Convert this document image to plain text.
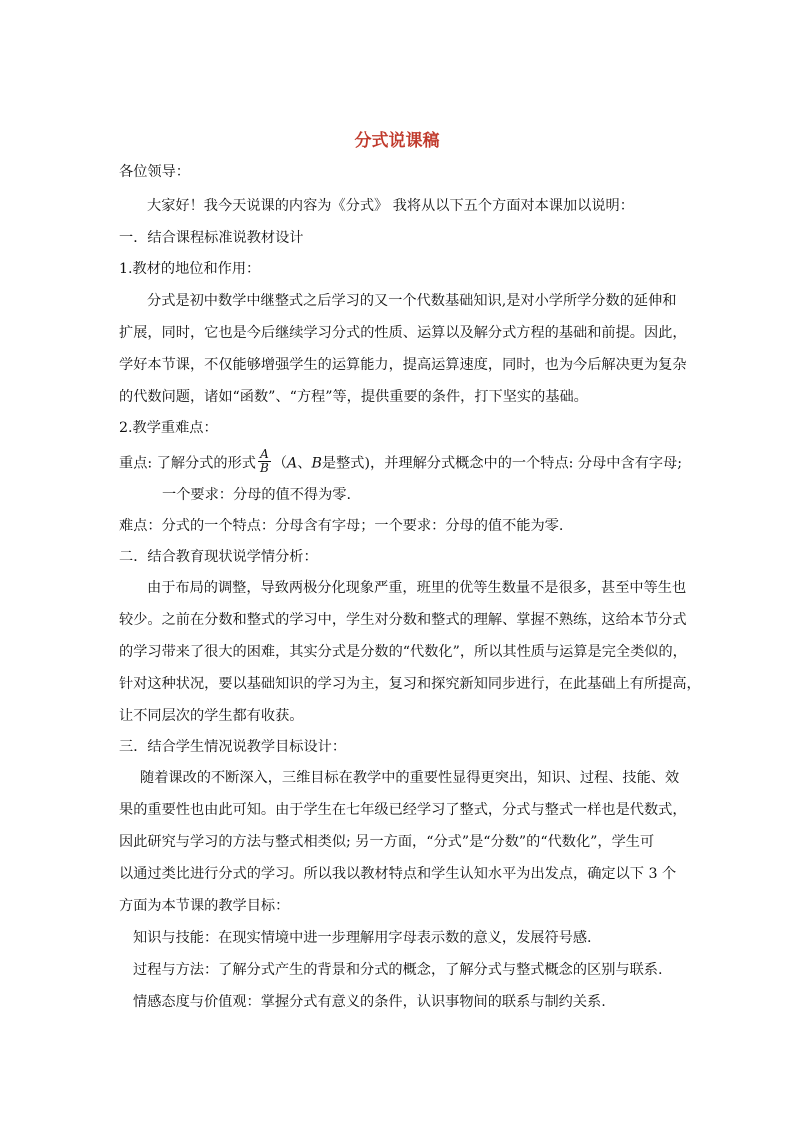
分式说课稿
各位领导：
大家好！我今天说课的内容为《分式》 我将从以下五个方面对本课加以说明：
一．结合课程标准说教材设计
1.教材的地位和作用：
分式是初中数学中继整式之后学习的又一个代数基础知识,是对小学所学分数的延伸和
扩展，同时，它也是今后继续学习分式的性质、运算以及解分式方程的基础和前提。因此，
学好本节课，不仅能够增强学生的运算能力，提高运算速度，同时，也为今后解决更为复杂
的代数问题，诸如“函数”、“方程”等，提供重要的条件，打下坚实的基础。
2.教学重难点：
重点: 了解分式的形式 $\frac{A}{B} (A$、B是整式)，并理解分式概念中的一个特点: 分母中含有字母;
一个要求：分母的值不得为零.
难点：分式的一个特点：分母含有字母；一个要求：分母的值不能为零.
二．结合教育现状说学情分析：
由于布局的调整，导致两极分化现象严重，班里的优等生数量不是很多，甚至中等生也
较少。之前在分数和整式的学习中，学生对分数和整式的理解、掌握不熟练，这给本节分式
的学习带来了很大的困难，其实分式是分数的“代数化”，所以其性质与运算是完全类似的，
针对这种状况，要以基础知识的学习为主，复习和探究新知同步进行，在此基础上有所提高，
让不同层次的学生都有收获。
三．结合学生情况说教学目标设计：
随着课改的不断深入，三维目标在教学中的重要性显得更突出，知识、过程、技能、效
果的重要性也由此可知。由于学生在七年级已经学习了整式，分式与整式一样也是代数式，
因此研究与学习的方法与整式相类似; 另一方面，“分式”是“分数”的“代数化”，学生可
以通过类比进行分式的学习。所以我以教材特点和学生认知水平为出发点，确定以下 3 个
方面为本节课的教学目标：
知识与技能：在现实情境中进一步理解用字母表示数的意义，发展符号感.
过程与方法：了解分式产生的背景和分式的概念，了解分式与整式概念的区别与联系.
情感态度与价值观：掌握分式有意义的条件，认识事物间的联系与制约关系.
